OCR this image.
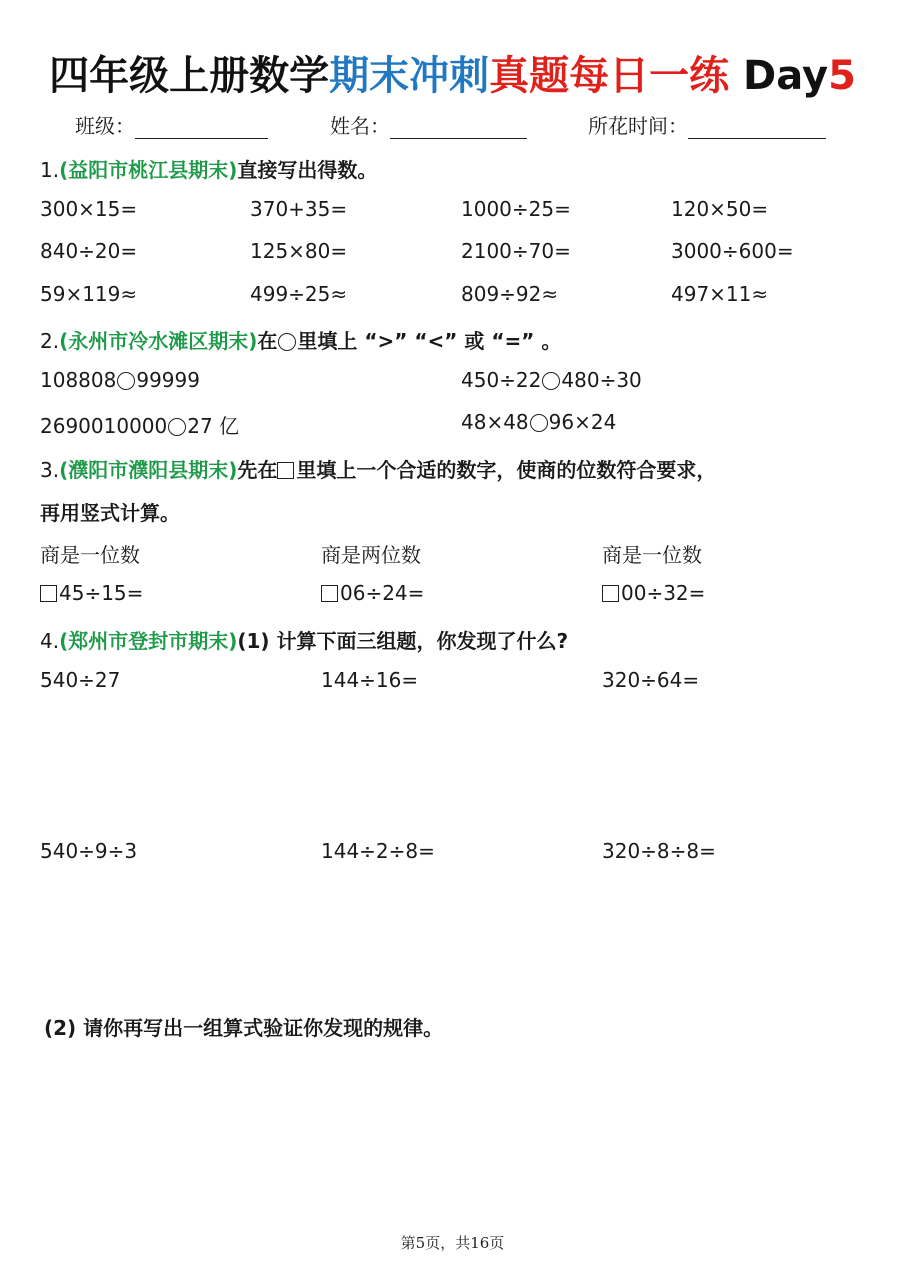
四年级上册数学期末冲刺真题每日一练 Day5
班级：	姓名：	所花时间：
1.(益阳市桃江县期末)直接写出得数。
300×15=	370+35=	1000÷25=	120×50=
840÷20=	125×80=	2100÷70=	3000÷600=
59×119≈	499÷25≈	809÷92≈	497×11≈
2.(永州市冷水滩区期末)在 里填上 “>” “<” 或 “=” 。
108808 99999	450÷22 480÷30
2690010000 27 亿	48×48 96×24
3.(濮阳市濮阳县期末)先在 里填上一个合适的数字，使商的位数符合要求，
再用竖式计算。
商是一位数	商是两位数	商是一位数
45÷15=	06÷24=	00÷32=
4.(郑州市登封市期末)(1) 计算下面三组题，你发现了什么?
540÷27	144÷16=	320÷64=
540÷9÷3	144÷2÷8=	320÷8÷8=
(2) 请你再写出一组算式验证你发现的规律。
第5页，共16页
